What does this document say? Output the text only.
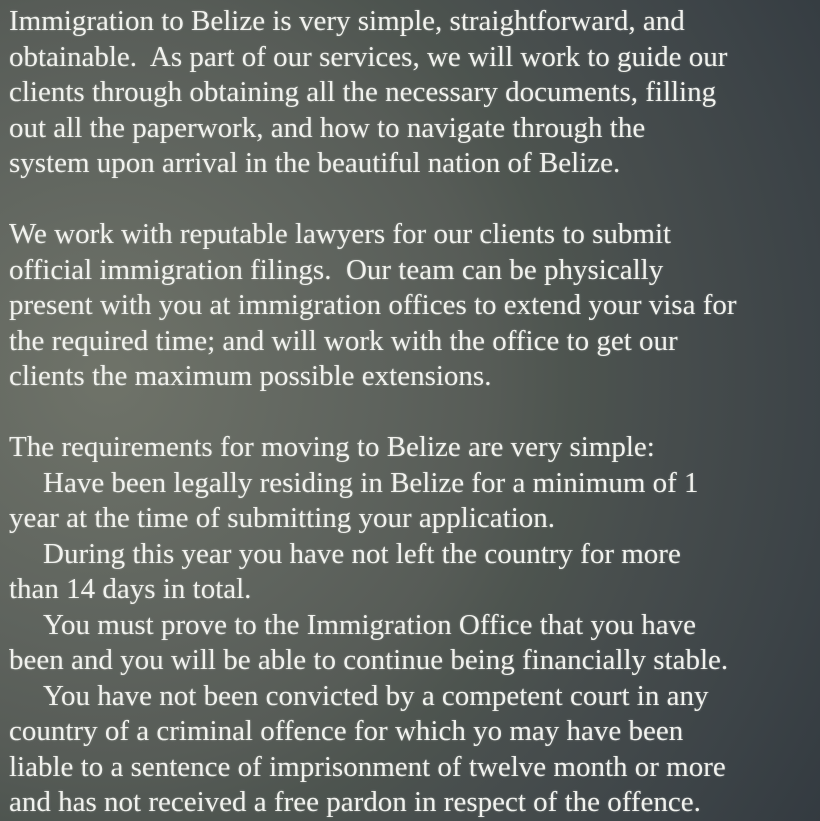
Immigration to Belize is very simple, straightforward, and
obtainable.  As part of our services, we will work to guide our
clients through obtaining all the necessary documents, filling
out all the paperwork, and how to navigate through the
system upon arrival in the beautiful nation of Belize.
We work with reputable lawyers for our clients to submit
official immigration filings.  Our team can be physically
present with you at immigration offices to extend your visa for
the required time; and will work with the office to get our
clients the maximum possible extensions.
The requirements for moving to Belize are very simple:
Have been legally residing in Belize for a minimum of 1
year at the time of submitting your application.
During this year you have not left the country for more
than 14 days in total.
You must prove to the Immigration Office that you have
been and you will be able to continue being financially stable.
You have not been convicted by a competent court in any
country of a criminal offence for which yo may have been
liable to a sentence of imprisonment of twelve month or more
and has not received a free pardon in respect of the offence.
